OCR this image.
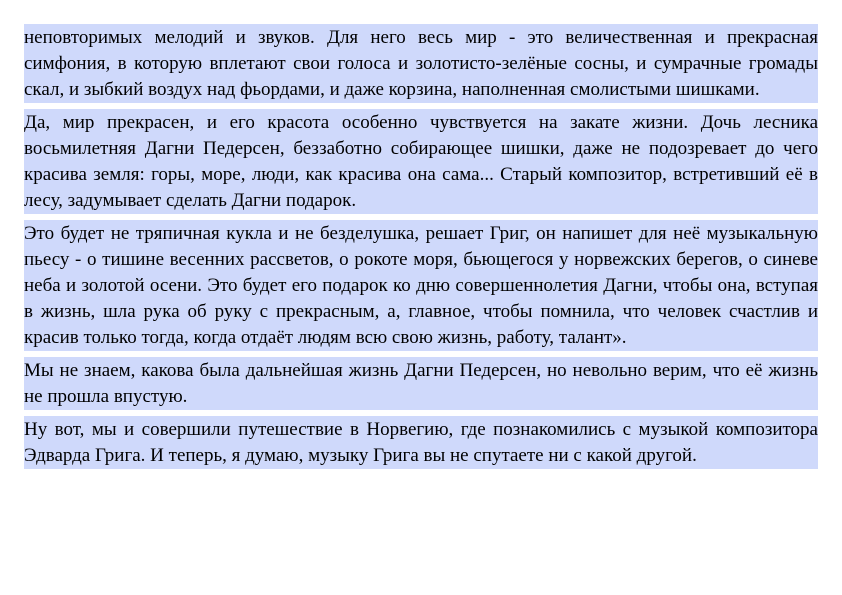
неповторимых мелодий и звуков. Для него весь мир - это величественная и прекрасная симфония, в которую вплетают свои голоса и золотисто-зелёные сосны, и сумрачные громады скал, и зыбкий воздух над фьордами, и даже корзина, наполненная смолистыми шишками.

Да, мир прекрасен, и его красота особенно чувствуется на закате жизни. Дочь лесника восьмилетняя Дагни Педерсен, беззаботно собирающее шишки, даже не подозревает до чего красива земля: горы, море, люди, как красива она сама... Старый композитор, встретивший её в лесу, задумывает сделать Дагни подарок.

Это будет не тряпичная кукла и не безделушка, решает Григ, он напишет для неё музыкальную пьесу - о тишине весенних рассветов, о рокоте моря, бьющегося у норвежских берегов, о синеве неба и золотой осени. Это будет его подарок ко дню совершеннолетия Дагни, чтобы она, вступая в жизнь, шла рука об руку с прекрасным, а, главное, чтобы помнила, что человек счастлив и красив только тогда, когда отдаёт людям всю свою жизнь, работу, талант».

Мы не знаем, какова была дальнейшая жизнь Дагни Педерсен, но невольно верим, что её жизнь не прошла впустую.

Ну вот, мы и совершили путешествие в Норвегию, где познакомились с музыкой композитора Эдварда Грига. И теперь, я думаю, музыку Грига вы не спутаете ни с какой другой.
